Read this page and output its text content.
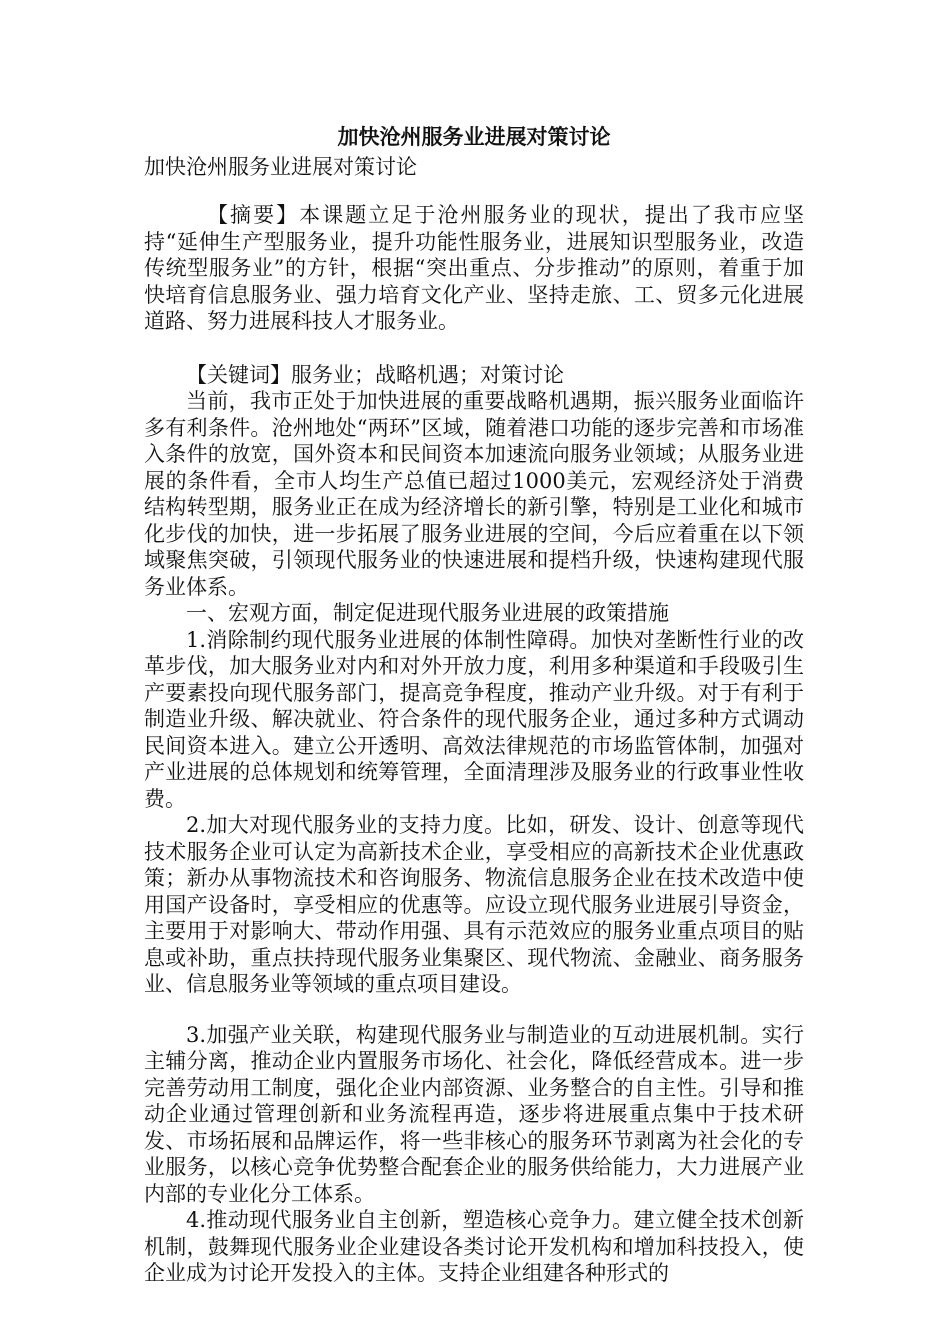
加快沧州服务业进展对策讨论

加快沧州服务业进展对策讨论

【摘要】本课题立足于沧州服务业的现状，提出了我市应坚持“延伸生产型服务业，提升功能性服务业，进展知识型服务业，改造传统型服务业”的方针，根据“突出重点、分步推动”的原则，着重于加快培育信息服务业、强力培育文化产业、坚持走旅、工、贸多元化进展道路、努力进展科技人才服务业。

【关键词】服务业；战略机遇；对策讨论

当前，我市正处于加快进展的重要战略机遇期，振兴服务业面临许多有利条件。沧州地处“两环”区域，随着港口功能的逐步完善和市场准入条件的放宽，国外资本和民间资本加速流向服务业领域；从服务业进展的条件看，全市人均生产总值已超过1000美元，宏观经济处于消费结构转型期，服务业正在成为经济增长的新引擎，特别是工业化和城市化步伐的加快，进一步拓展了服务业进展的空间，今后应着重在以下领域聚焦突破，引领现代服务业的快速进展和提档升级，快速构建现代服务业体系。

一、宏观方面，制定促进现代服务业进展的政策措施

1.消除制约现代服务业进展的体制性障碍。加快对垄断性行业的改革步伐，加大服务业对内和对外开放力度，利用多种渠道和手段吸引生产要素投向现代服务部门，提高竞争程度，推动产业升级。对于有利于制造业升级、解决就业、符合条件的现代服务企业，通过多种方式调动民间资本进入。建立公开透明、高效法律规范的市场监管体制，加强对产业进展的总体规划和统筹管理，全面清理涉及服务业的行政事业性收费。

2.加大对现代服务业的支持力度。比如，研发、设计、创意等现代技术服务企业可认定为高新技术企业，享受相应的高新技术企业优惠政策；新办从事物流技术和咨询服务、物流信息服务企业在技术改造中使用国产设备时，享受相应的优惠等。应设立现代服务业进展引导资金，主要用于对影响大、带动作用强、具有示范效应的服务业重点项目的贴息或补助，重点扶持现代服务业集聚区、现代物流、金融业、商务服务业、信息服务业等领域的重点项目建设。

3.加强产业关联，构建现代服务业与制造业的互动进展机制。实行主辅分离，推动企业内置服务市场化、社会化，降低经营成本。进一步完善劳动用工制度，强化企业内部资源、业务整合的自主性。引导和推动企业通过管理创新和业务流程再造，逐步将进展重点集中于技术研发、市场拓展和品牌运作，将一些非核心的服务环节剥离为社会化的专业服务，以核心竞争优势整合配套企业的服务供给能力，大力进展产业内部的专业化分工体系。

4.推动现代服务业自主创新，塑造核心竞争力。建立健全技术创新机制，鼓舞现代服务业企业建设各类讨论开发机构和增加科技投入，使企业成为讨论开发投入的主体。支持企业组建各种形式的
